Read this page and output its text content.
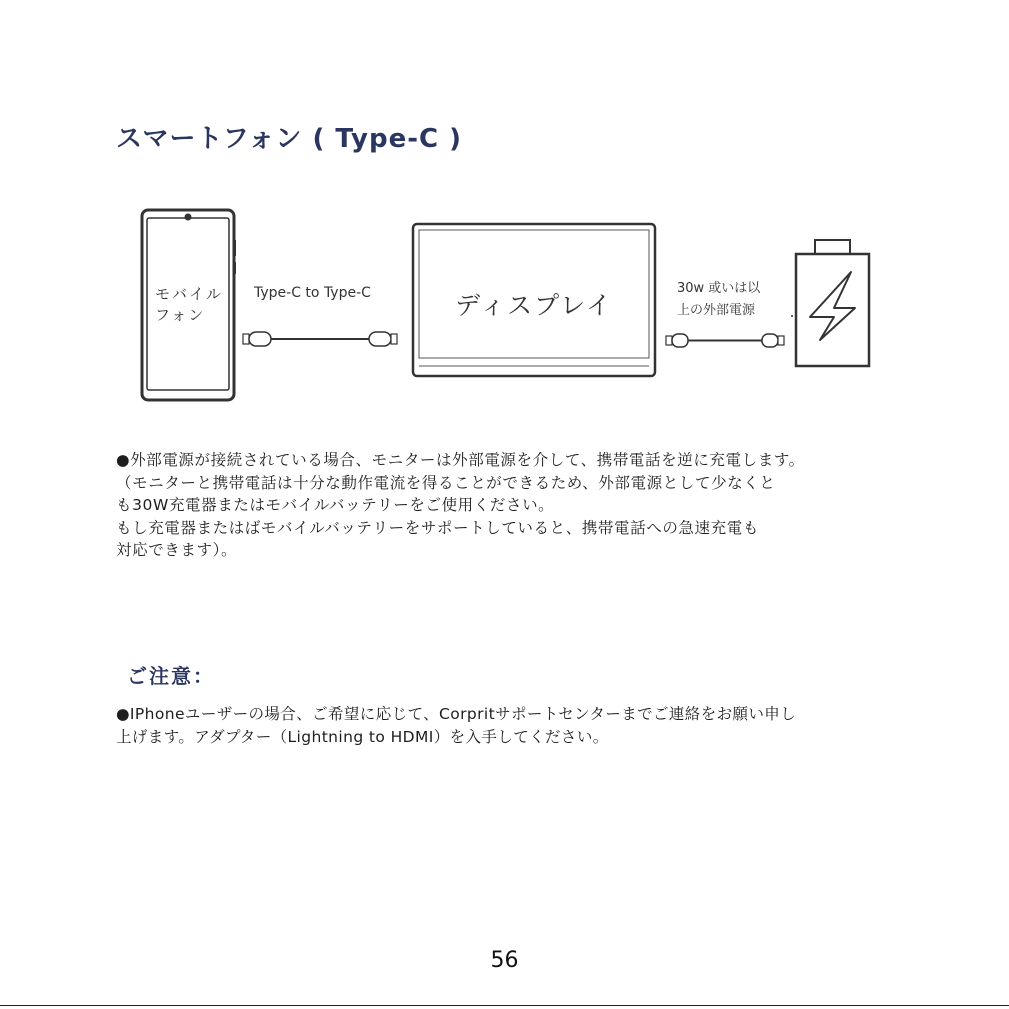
スマートフォン ( Type-C )
モバイル
フォン
Type-C to Type-C	ディスプレイ
30w 或いは以
上の外部電源

●外部電源が接続されている場合、モニターは外部電源を介して、携帯電話を逆に充電します。

（モニターと携帯電話は十分な動作電流を得ることができるため、外部電源として少なくと

も30W充電器またはモバイルバッテリーをご使用ください。

もし充電器またはばモバイルバッテリーをサポートしていると、携帯電話への急速充電も

対応できます）。

ご注意：

●IPhoneユーザーの場合、ご希望に応じて、Corpritサポートセンターまでご連絡をお願い申し

上げます。アダプター（Lightning to HDMI）を入手してください。

56
